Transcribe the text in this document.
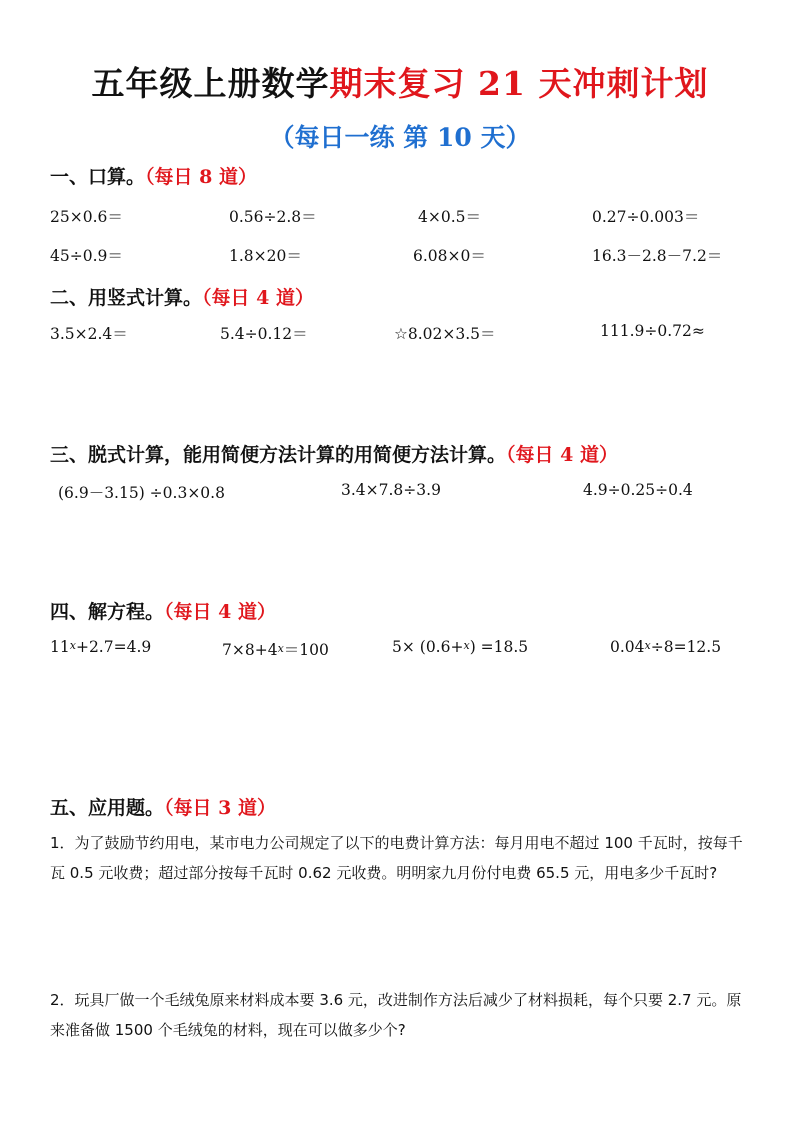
五年级上册数学期末复习 21 天冲刺计划
（每日一练 第 10 天）
一、口算。（每日 8 道）
25×0.6＝	0.56÷2.8＝	4×0.5＝	0.27÷0.003＝
45÷0.9＝	1.8×20＝	6.08×0＝	16.3－2.8－7.2＝
二、用竖式计算。（每日 4 道）
3.5×2.4＝	5.4÷0.12＝	☆8.02×3.5＝	111.9÷0.72≈
三、脱式计算，能用简便方法计算的用简便方法计算。（每日 4 道）
(6.9－3.15) ÷0.3×0.8	3.4×7.8÷3.9	4.9÷0.25÷0.4
四、解方程。（每日 4 道）
11x+2.7=4.9	7×8+4x＝100	5× (0.6+x) =18.5	0.04x÷8=12.5
五、应用题。（每日 3 道）
1．为了鼓励节约用电，某市电力公司规定了以下的电费计算方法：每月用电不超过 100 千瓦时，按每千瓦 0.5 元收费；超过部分按每千瓦时 0.62 元收费。明明家九月份付电费 65.5 元，用电多少千瓦时?
2．玩具厂做一个毛绒兔原来材料成本要 3.6 元，改进制作方法后减少了材料损耗，每个只要 2.7 元。原来准备做 1500 个毛绒兔的材料，现在可以做多少个?
